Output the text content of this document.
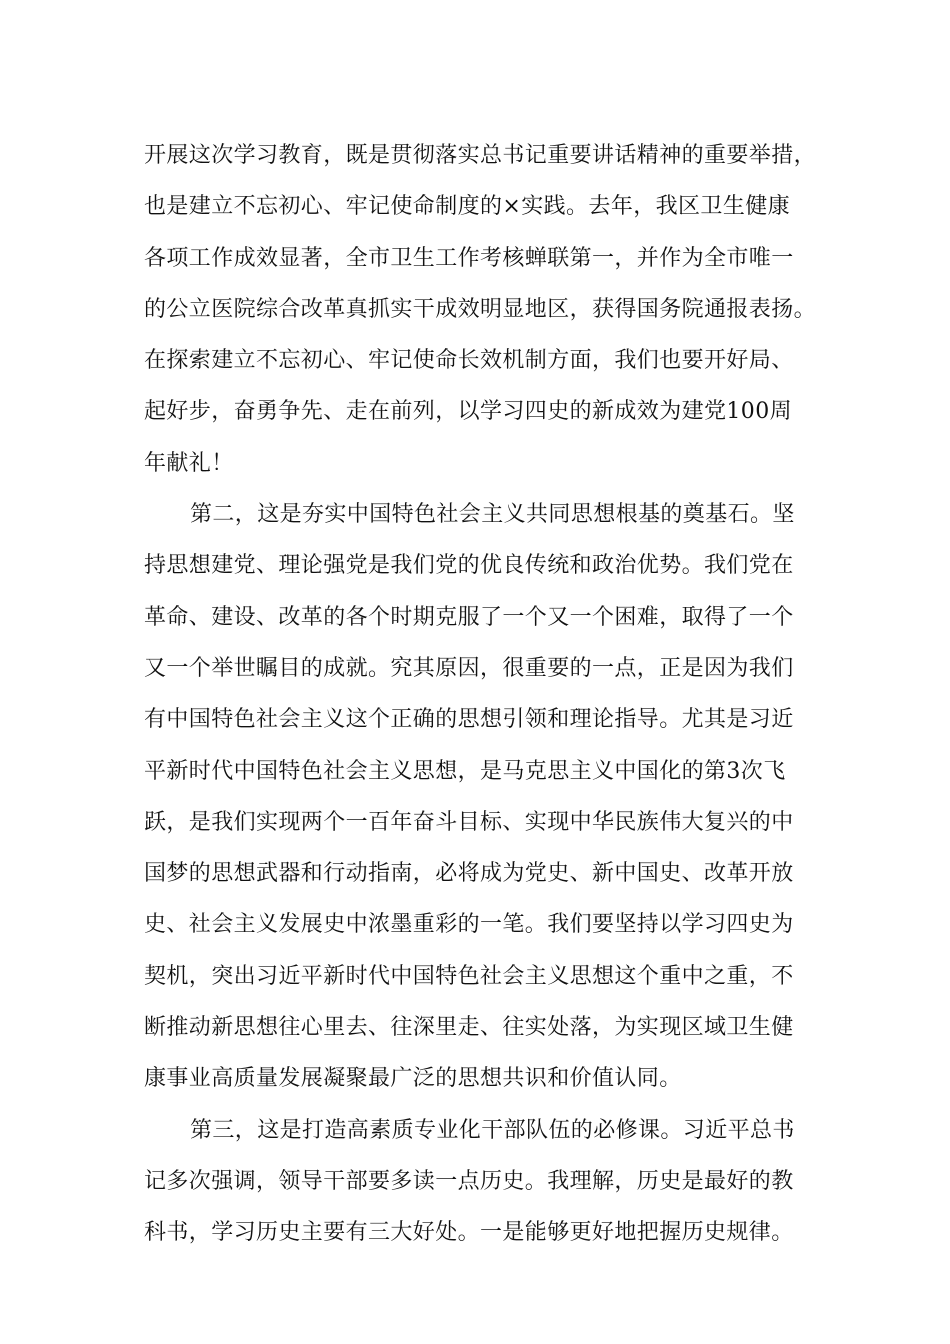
开展这次学习教育，既是贯彻落实总书记重要讲话精神的重要举措，
也是建立不忘初心、牢记使命制度的×实践。去年，我区卫生健康
各项工作成效显著，全市卫生工作考核蝉联第一，并作为全市唯一
的公立医院综合改革真抓实干成效明显地区，获得国务院通报表扬。
在探索建立不忘初心、牢记使命长效机制方面，我们也要开好局、
起好步，奋勇争先、走在前列，以学习四史的新成效为建党100周
年献礼！
第二，这是夯实中国特色社会主义共同思想根基的奠基石。坚
持思想建党、理论强党是我们党的优良传统和政治优势。我们党在
革命、建设、改革的各个时期克服了一个又一个困难，取得了一个
又一个举世瞩目的成就。究其原因，很重要的一点，正是因为我们
有中国特色社会主义这个正确的思想引领和理论指导。尤其是习近
平新时代中国特色社会主义思想，是马克思主义中国化的第3次飞
跃，是我们实现两个一百年奋斗目标、实现中华民族伟大复兴的中
国梦的思想武器和行动指南，必将成为党史、新中国史、改革开放
史、社会主义发展史中浓墨重彩的一笔。我们要坚持以学习四史为
契机，突出习近平新时代中国特色社会主义思想这个重中之重，不
断推动新思想往心里去、往深里走、往实处落，为实现区域卫生健
康事业高质量发展凝聚最广泛的思想共识和价值认同。
第三，这是打造高素质专业化干部队伍的必修课。习近平总书
记多次强调，领导干部要多读一点历史。我理解，历史是最好的教
科书，学习历史主要有三大好处。一是能够更好地把握历史规律。
